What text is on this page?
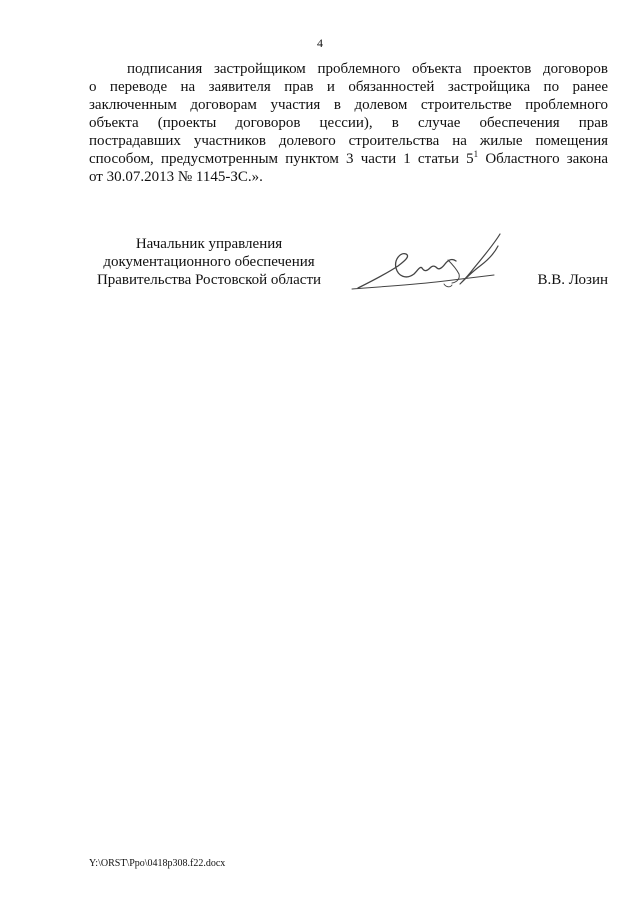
4
подписания застройщиком проблемного объекта проектов договоров
о переводе на заявителя прав и обязанностей застройщика по ранее
заключенным договорам участия в долевом строительстве проблемного
объекта (проекты договоров цессии), в случае обеспечения прав
пострадавших участников долевого строительства на жилые помещения
способом, предусмотренным пунктом 3 части 1 статьи $5^1$ Областного закона
от 30.07.2013 № 1145-ЗС.».
Начальник управления
документационного обеспечения
Правительства Ростовской области	В.В. Лозин
Y:\ORST\Ppo\0418p308.f22.docx
